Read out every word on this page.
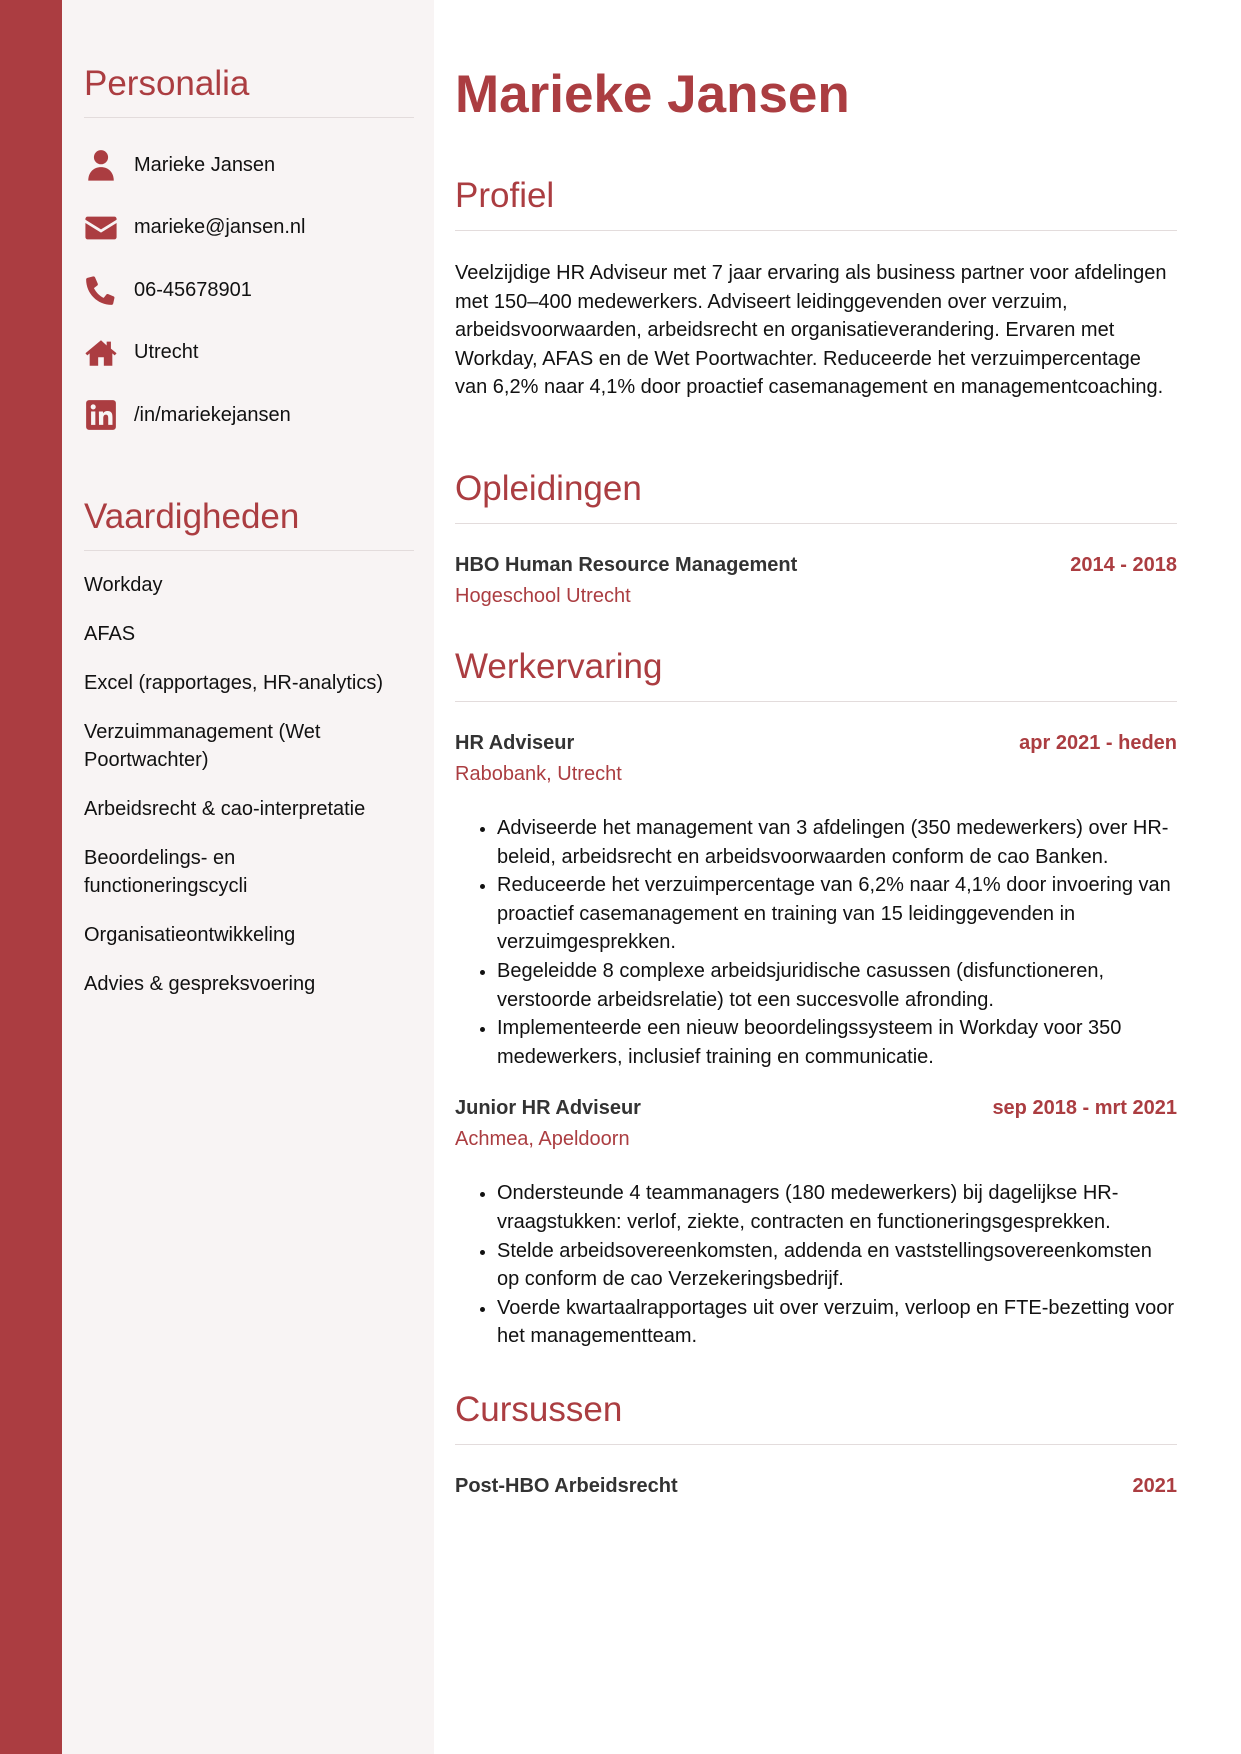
Personalia
Marieke Jansen
marieke@jansen.nl
06-45678901
Utrecht
/in/mariekejansen
Vaardigheden
Workday
AFAS
Excel (rapportages, HR-analytics)
Verzuimmanagement (Wet Poortwachter)
Arbeidsrecht & cao-interpretatie
Beoordelings- en functioneringscycli
Organisatieontwikkeling
Advies & gespreksvoering
Marieke Jansen
Profiel

Veelzijdige HR Adviseur met 7 jaar ervaring als business partner voor afdelingen met 150–400 medewerkers. Adviseert leidinggevenden over verzuim, arbeidsvoorwaarden, arbeidsrecht en organisatieverandering. Ervaren met Workday, AFAS en de Wet Poortwachter. Reduceerde het verzuimpercentage van 6,2% naar 4,1% door proactief casemanagement en managementcoaching.

Opleidingen
HBO Human Resource Management	2014 - 2018
Hogeschool Utrecht
Werkervaring
HR Adviseur	apr 2021 - heden
Rabobank, Utrecht
• Adviseerde het management van 3 afdelingen (350 medewerkers) over HR-beleid, arbeidsrecht en arbeidsvoorwaarden conform de cao Banken.
• Reduceerde het verzuimpercentage van 6,2% naar 4,1% door invoering van proactief casemanagement en training van 15 leidinggevenden in verzuimgesprekken.
• Begeleidde 8 complexe arbeidsjuridische casussen (disfunctioneren, verstoorde arbeidsrelatie) tot een succesvolle afronding.
• Implementeerde een nieuw beoordelingssysteem in Workday voor 350 medewerkers, inclusief training en communicatie.
Junior HR Adviseur	sep 2018 - mrt 2021
Achmea, Apeldoorn
• Ondersteunde 4 teammanagers (180 medewerkers) bij dagelijkse HR-vraagstukken: verlof, ziekte, contracten en functioneringsgesprekken.
• Stelde arbeidsovereenkomsten, addenda en vaststellingsovereenkomsten op conform de cao Verzekeringsbedrijf.
• Voerde kwartaalrapportages uit over verzuim, verloop en FTE-bezetting voor het managementteam.
Cursussen
Post-HBO Arbeidsrecht	2021
